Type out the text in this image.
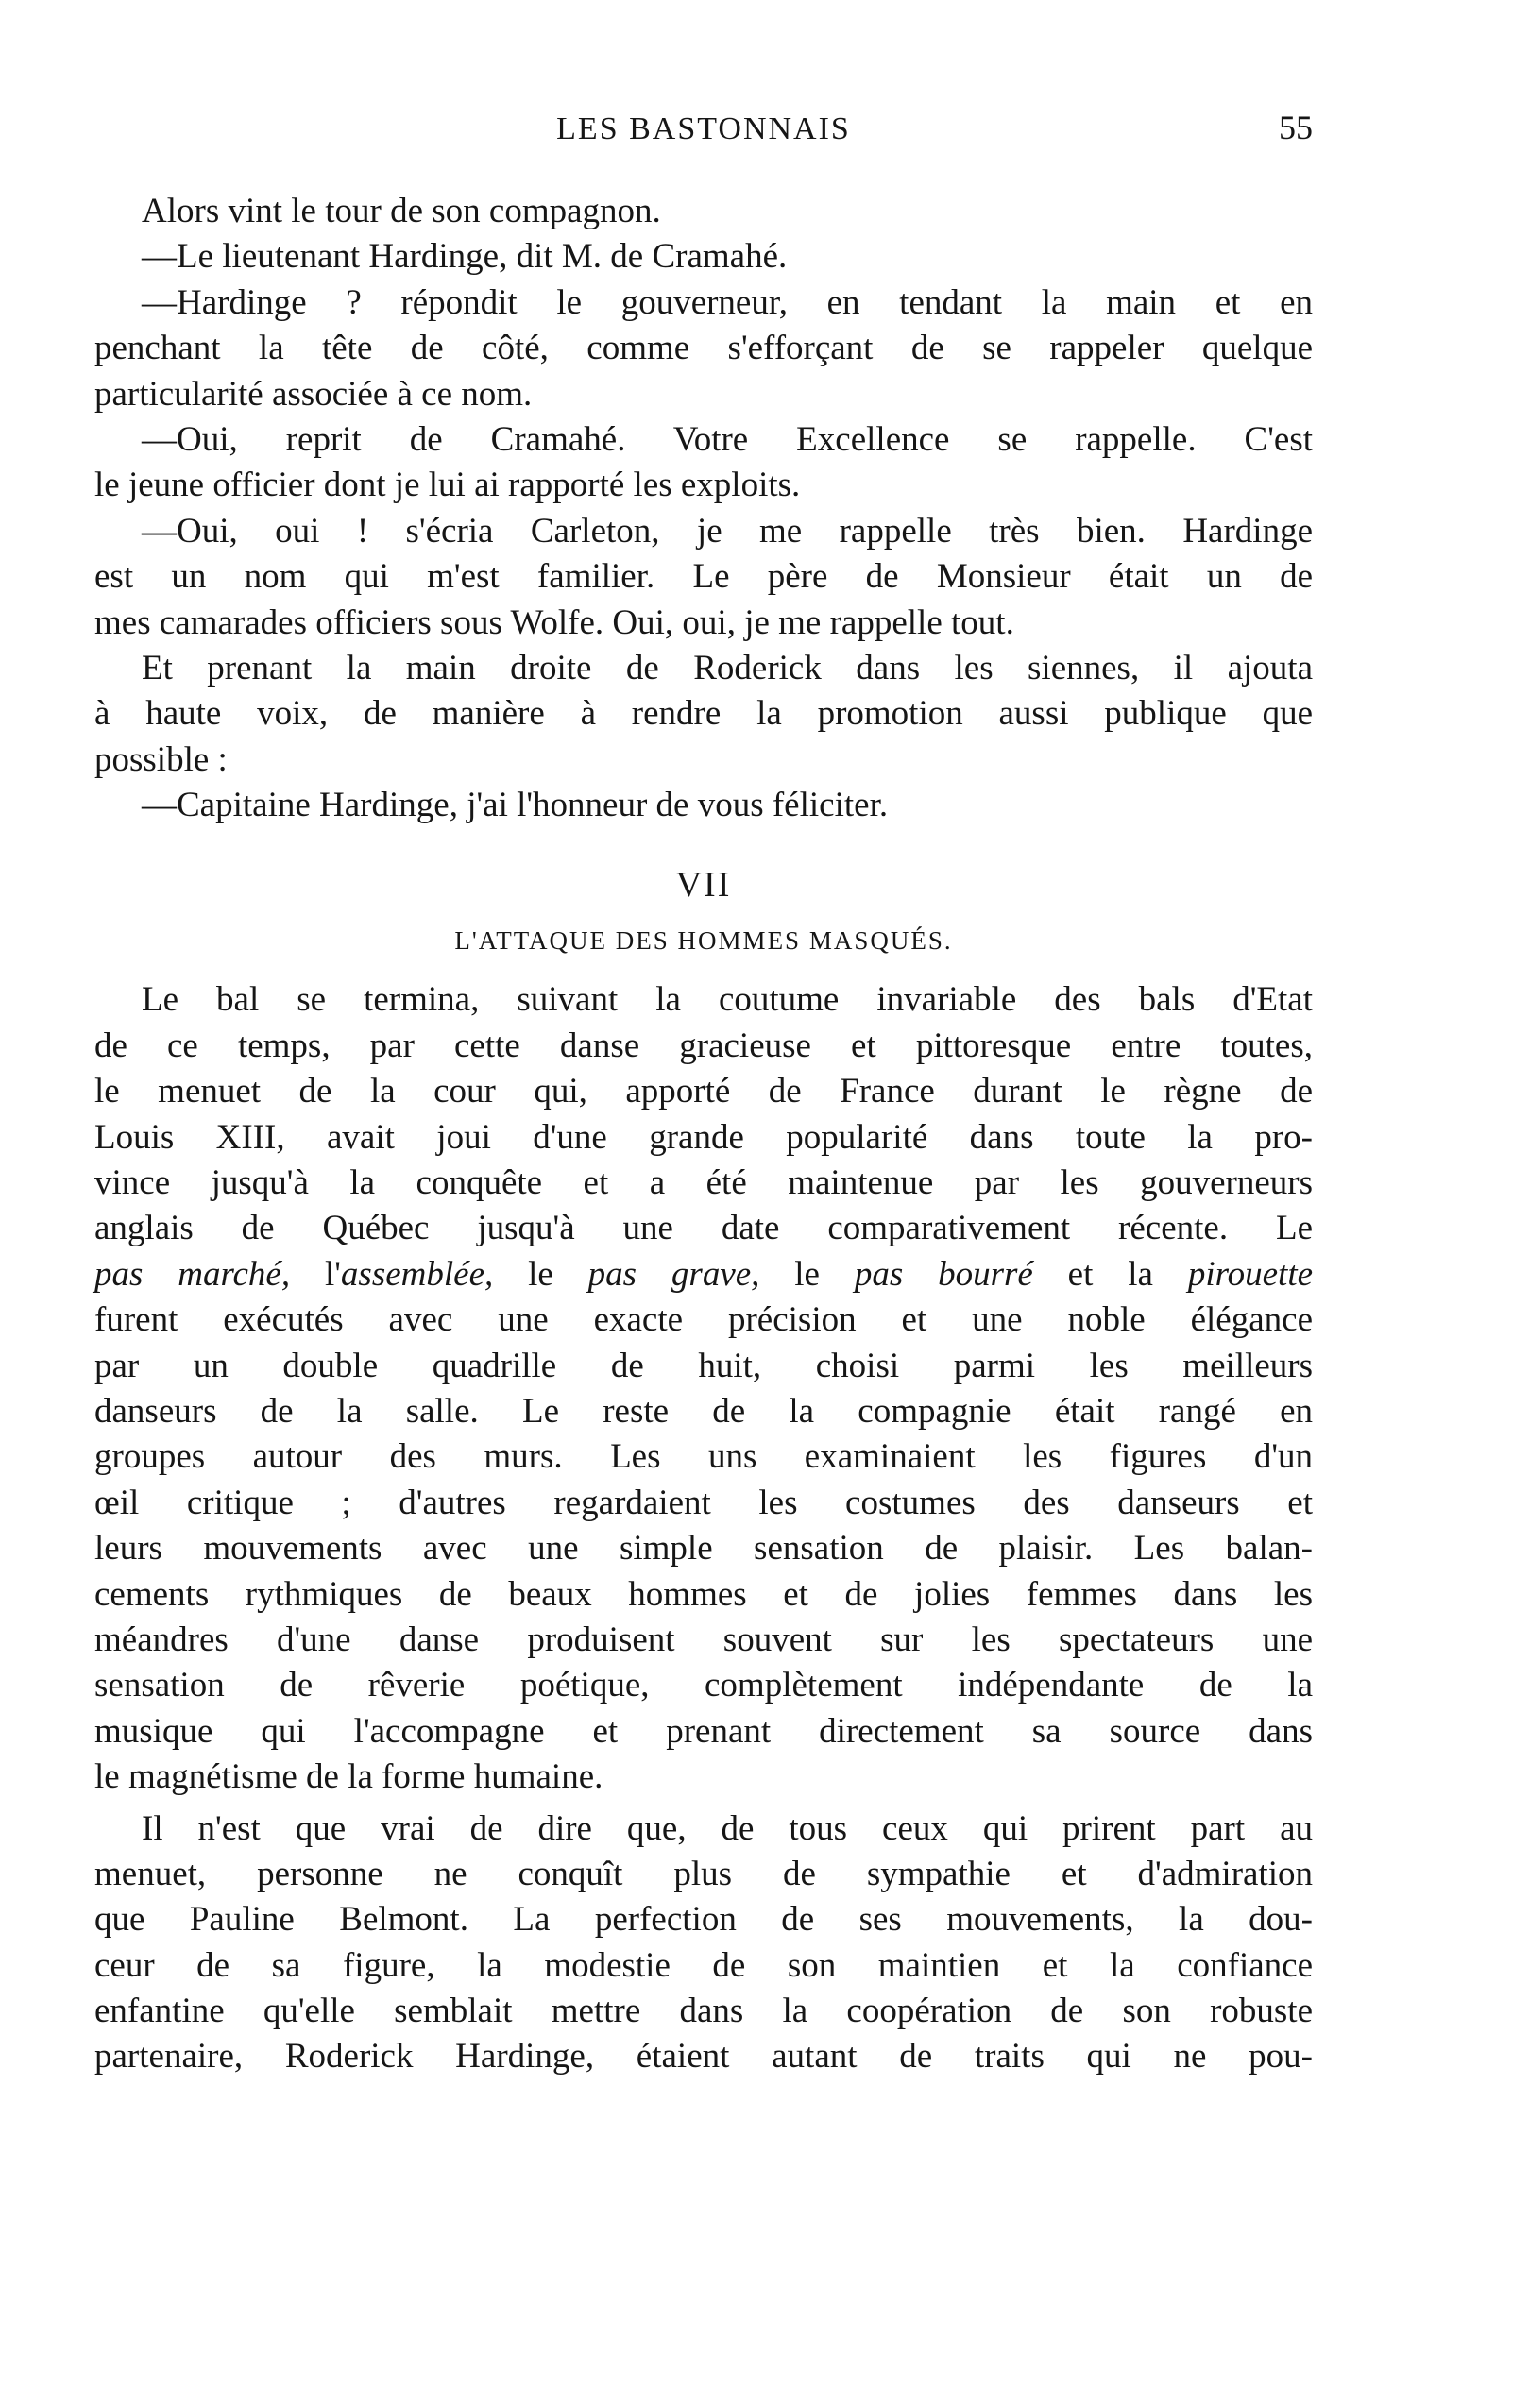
LES BASTONNAIS	55
Alors vint le tour de son compagnon.
—Le lieutenant Hardinge, dit M. de Cramahé.
—Hardinge ? répondit le gouverneur, en tendant la main et en
penchant la tête de côté, comme s'efforçant de se rappeler quelque
particularité associée à ce nom.
—Oui, reprit de Cramahé. Votre Excellence se rappelle. C'est
le jeune officier dont je lui ai rapporté les exploits.
—Oui, oui ! s'écria Carleton, je me rappelle très bien. Hardinge
est un nom qui m'est familier. Le père de Monsieur était un de
mes camarades officiers sous Wolfe. Oui, oui, je me rappelle tout.
Et prenant la main droite de Roderick dans les siennes, il ajouta
à haute voix, de manière à rendre la promotion aussi publique que
possible :
—Capitaine Hardinge, j'ai l'honneur de vous féliciter.
VII
L'ATTAQUE DES HOMMES MASQUÉS.
Le bal se termina, suivant la coutume invariable des bals d'Etat
de ce temps, par cette danse gracieuse et pittoresque entre toutes,
le menuet de la cour qui, apporté de France durant le règne de
Louis XIII, avait joui d'une grande popularité dans toute la pro-
vince jusqu'à la conquête et a été maintenue par les gouverneurs
anglais de Québec jusqu'à une date comparativement récente. Le
pas marché, l'assemblée, le pas grave, le pas bourré et la pirouette
furent exécutés avec une exacte précision et une noble élégance
par un double quadrille de huit, choisi parmi les meilleurs
danseurs de la salle. Le reste de la compagnie était rangé en
groupes autour des murs. Les uns examinaient les figures d'un
œil critique ; d'autres regardaient les costumes des danseurs et
leurs mouvements avec une simple sensation de plaisir. Les balan-
cements rythmiques de beaux hommes et de jolies femmes dans les
méandres d'une danse produisent souvent sur les spectateurs une
sensation de rêverie poétique, complètement indépendante de la
musique qui l'accompagne et prenant directement sa source dans
le magnétisme de la forme humaine.
Il n'est que vrai de dire que, de tous ceux qui prirent part au
menuet, personne ne conquît plus de sympathie et d'admiration
que Pauline Belmont. La perfection de ses mouvements, la dou-
ceur de sa figure, la modestie de son maintien et la confiance
enfantine qu'elle semblait mettre dans la coopération de son robuste
partenaire, Roderick Hardinge, étaient autant de traits qui ne pou-
